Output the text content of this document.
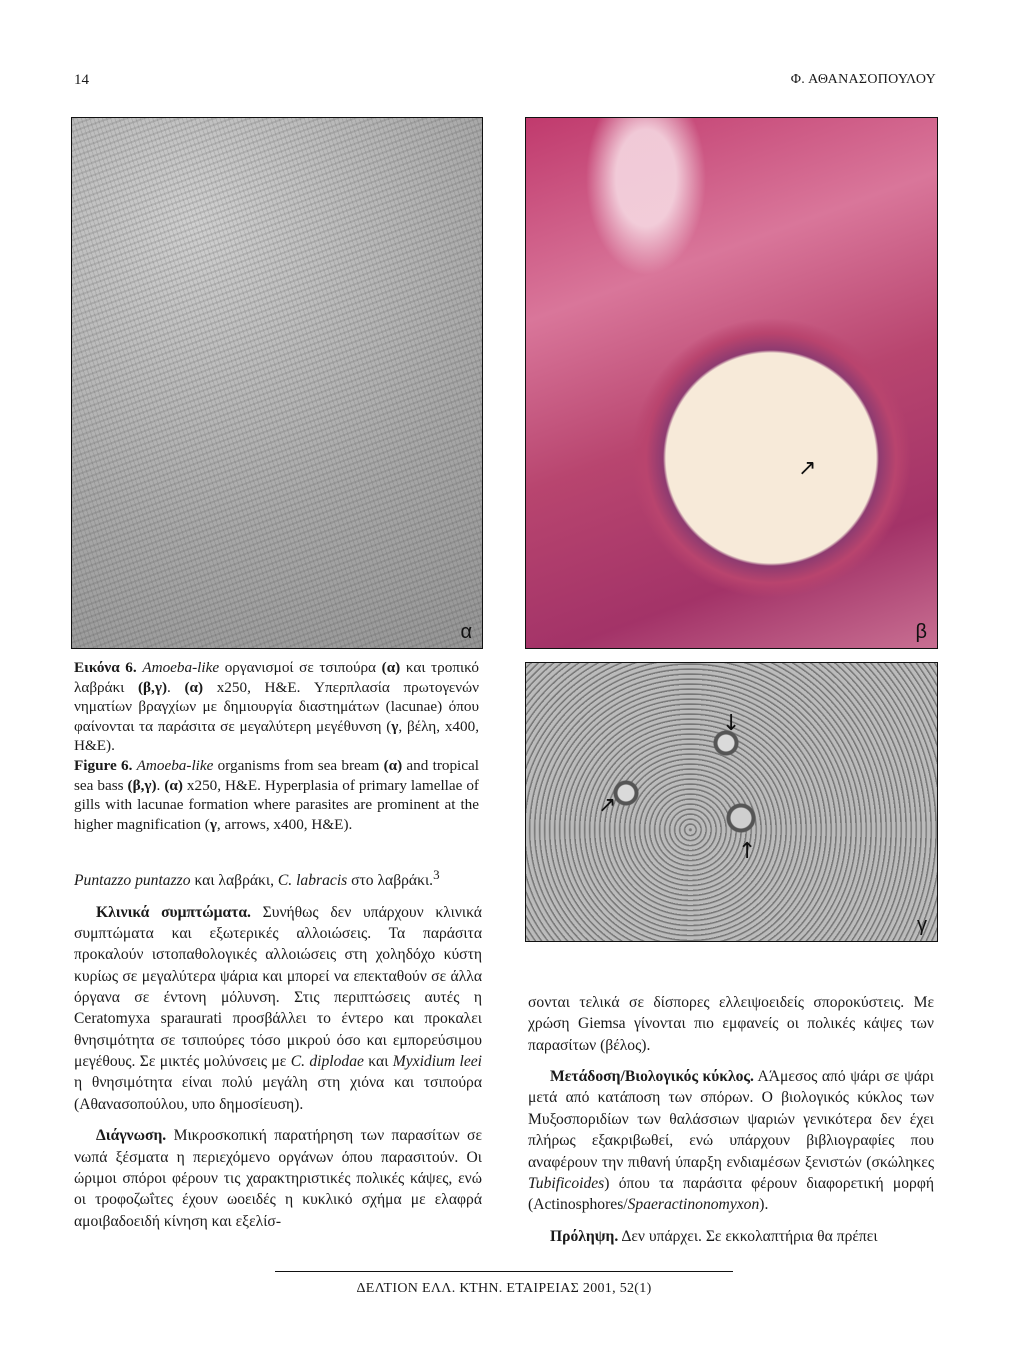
14	Φ. ΑΘΑΝΑΣΟΠΟΥΛΟΥ
α
↗
β
↓
↗
↑
γ

Εικόνα 6. Amoeba-like οργανισμοί σε τσιπούρα (α) και τροπικό λαβράκι (β,γ). (α) x250, H&E. Υπερπλασία πρωτογενών νηματίων βραγχίων με δημιουργία διαστημάτων (lacunae) όπου φαίνονται τα παράσιτα σε μεγαλύτερη μεγέθυνση (γ, βέλη, x400, H&E).

Figure 6. Amoeba-like organisms from sea bream (α) and tropical sea bass (β,γ). (α) x250, H&E. Hyperplasia of primary lamellae of gills with lacunae formation where parasites are prominent at the higher magnification (γ, arrows, x400, H&E).

Puntazzo puntazzo και λαβράκι, C. labracis στο λαβράκι.$^3$

Κλινικά συμπτώματα. Συνήθως δεν υπάρχουν κλινικά συμπτώματα και εξωτερικές αλλοιώσεις. Τα παράσιτα προκαλούν ιστοπαθολογικές αλλοιώσεις στη χοληδόχο κύστη κυρίως σε μεγαλύτερα ψάρια και μπορεί να επεκταθούν σε άλλα όργανα σε έντονη μόλυνση. Στις περιπτώσεις αυτές η Ceratomyxa sparaurati προσβάλλει το έντερο και προκαλει θνησιμότητα σε τσιπούρες τόσο μικρού όσο και εμπορεύσιμου μεγέθους. Σε μικτές μολύνσεις με C. diplodae και Myxidium leei η θνησιμότητα είναι πολύ μεγάλη στη χιόνα και τσιπούρα (Αθανασοπούλου, υπο δημοσίευση).

Διάγνωση. Μικροσκοπική παρατήρηση των παρασίτων σε νωπά ξέσματα η περιεχόμενο οργάνων όπου παρασιτούν. Οι ώριμοι σπόροι φέρουν τις χαρακτηριστικές πολικές κάψες, ενώ οι τροφοζωΐτες έχουν ωοειδές η κυκλικό σχήμα με ελαφρά αμοιβαδοειδή κίνηση και εξελίσ-

σονται τελικά σε δίσπορες ελλειψοειδείς σποροκύστεις. Με χρώση Giemsa γίνονται πιο εμφανείς οι πολικές κάψες των παρασίτων (βέλος).

Μετάδοση/Βιολογικός κύκλος. ΑΆμεσος από ψάρι σε ψάρι μετά από κατάποση των σπόρων. Ο βιολογικός κύκλος των Μυξοσποριδίων των θαλάσσιων ψαριών γενικότερα δεν έχει πλήρως εξακριβωθεί, ενώ υπάρχουν βιβλιογραφίες που αναφέρουν την πιθανή ύπαρξη ενδιαμέσων ξενιστών (σκώληκες Tubificoides) όπου τα παράσιτα φέρουν διαφορετική μορφή (Actinosphores/Spaeractinonomyxon).

Πρόληψη. Δεν υπάρχει. Σε εκκολαπτήρια θα πρέπει

ΔΕΛΤΙΟΝ ΕΛΛ. ΚΤΗΝ. ΕΤΑΙΡΕΙΑΣ 2001, 52(1)
